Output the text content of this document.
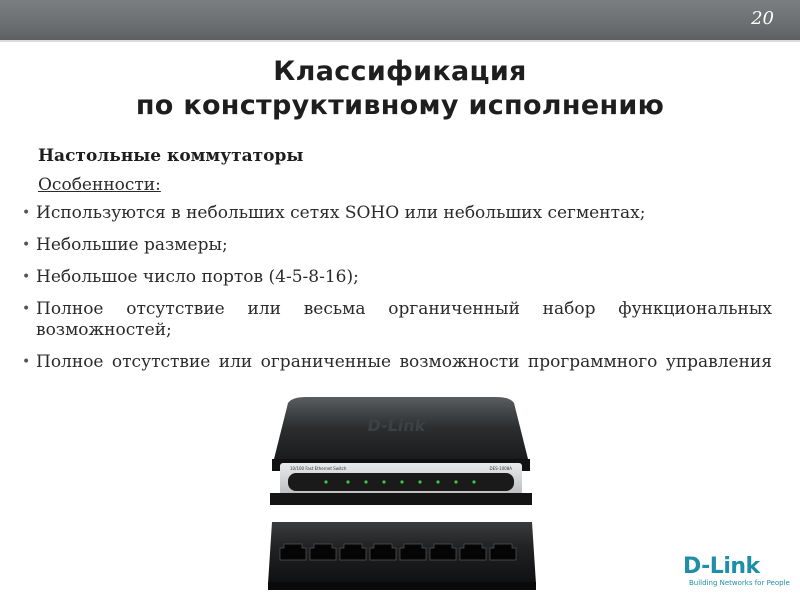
20
Классификация
по конструктивному исполнению
Настольные коммутаторы
Особенности:
• Используются в небольших сетях SOHO или небольших сегментах;
• Небольшие размеры;
• Небольшое число портов (4-5-8-16);
• Полное отсутствие или весьма органиченный набор функциональных возможностей;
• Полное отсутствие или ограниченные возможности программного управления
D-Link
10/100 Fast Ethernet Switch	DES-1008A
D-Link
Building Networks for People
